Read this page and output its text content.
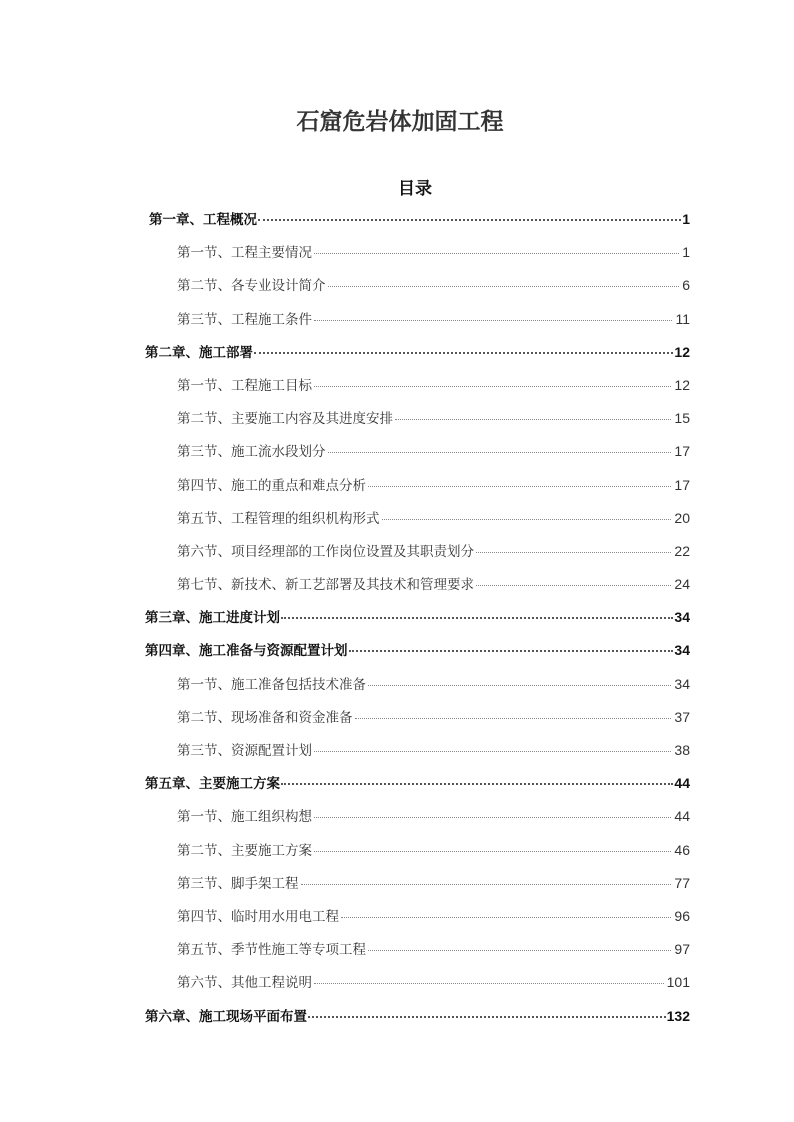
石窟危岩体加固工程
目录
第一章、工程概况	1
第一节、工程主要情况	1
第二节、各专业设计简介	6
第三节、工程施工条件	11
第二章、施工部署	12
第一节、工程施工目标	12
第二节、主要施工内容及其进度安排	15
第三节、施工流水段划分	17
第四节、施工的重点和难点分析	17
第五节、工程管理的组织机构形式	20
第六节、项目经理部的工作岗位设置及其职责划分	22
第七节、新技术、新工艺部署及其技术和管理要求	24
第三章、施工进度计划	34
第四章、施工准备与资源配置计划	34
第一节、施工准备包括技术准备	34
第二节、现场准备和资金准备	37
第三节、资源配置计划	38
第五章、主要施工方案	44
第一节、施工组织构想	44
第二节、主要施工方案	46
第三节、脚手架工程	77
第四节、临时用水用电工程	96
第五节、季节性施工等专项工程	97
第六节、其他工程说明	101
第六章、施工现场平面布置	132
